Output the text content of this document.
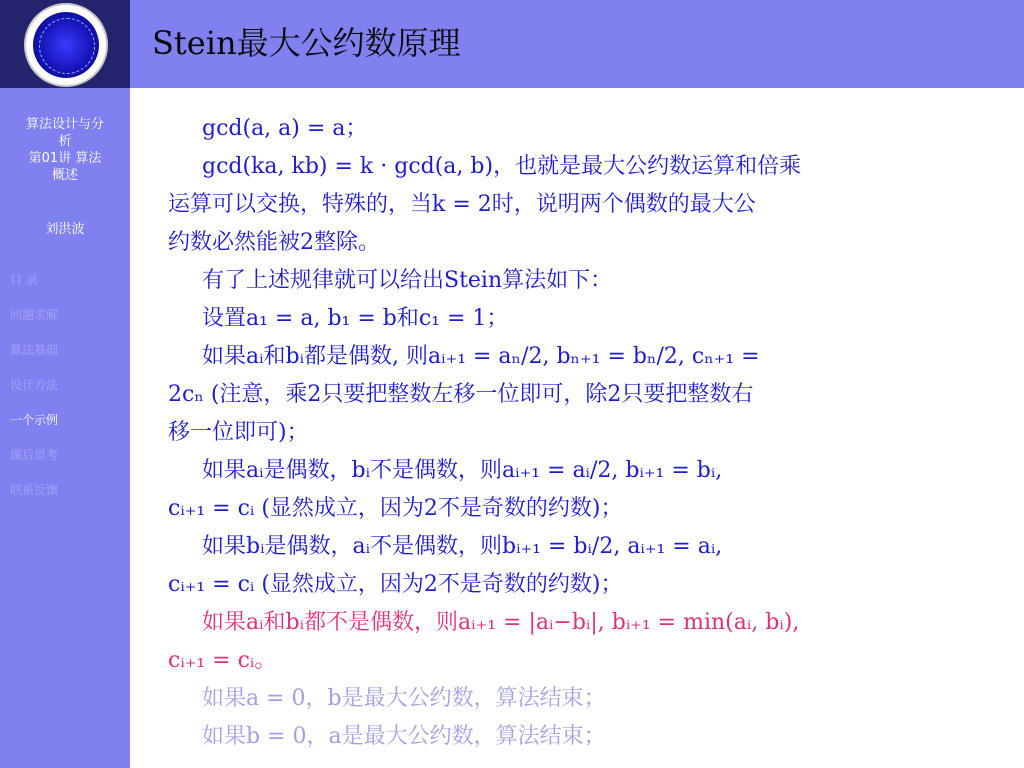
Stein最大公约数原理
算法设计与分
析
第01讲 算法
概述
刘洪波
目 录
问题求解
算法基础
设计方法
一个示例
课后思考
联系反馈

gcd(a, a) = a；

gcd(ka, kb) = k · gcd(a, b)，也就是最大公约数运算和倍乘

运算可以交换，特殊的，当k = 2时，说明两个偶数的最大公

约数必然能被2整除。

有了上述规律就可以给出Stein算法如下：

设置a₁ = a, b₁ = b和c₁ = 1；

如果aᵢ和bᵢ都是偶数, 则aᵢ₊₁ = aₙ/2, bₙ₊₁ = bₙ/2, cₙ₊₁ =

2cₙ (注意，乘2只要把整数左移一位即可，除2只要把整数右

移一位即可)；

如果aᵢ是偶数，bᵢ不是偶数，则aᵢ₊₁ = aᵢ/2, bᵢ₊₁ = bᵢ,

cᵢ₊₁ = cᵢ (显然成立，因为2不是奇数的约数)；

如果bᵢ是偶数，aᵢ不是偶数，则bᵢ₊₁ = bᵢ/2, aᵢ₊₁ = aᵢ,

cᵢ₊₁ = cᵢ (显然成立，因为2不是奇数的约数)；

如果aᵢ和bᵢ都不是偶数，则aᵢ₊₁ = |aᵢ−bᵢ|, bᵢ₊₁ = min(aᵢ, bᵢ),

cᵢ₊₁ = cᵢ。

如果a = 0，b是最大公约数，算法结束；

如果b = 0，a是最大公约数，算法结束；
